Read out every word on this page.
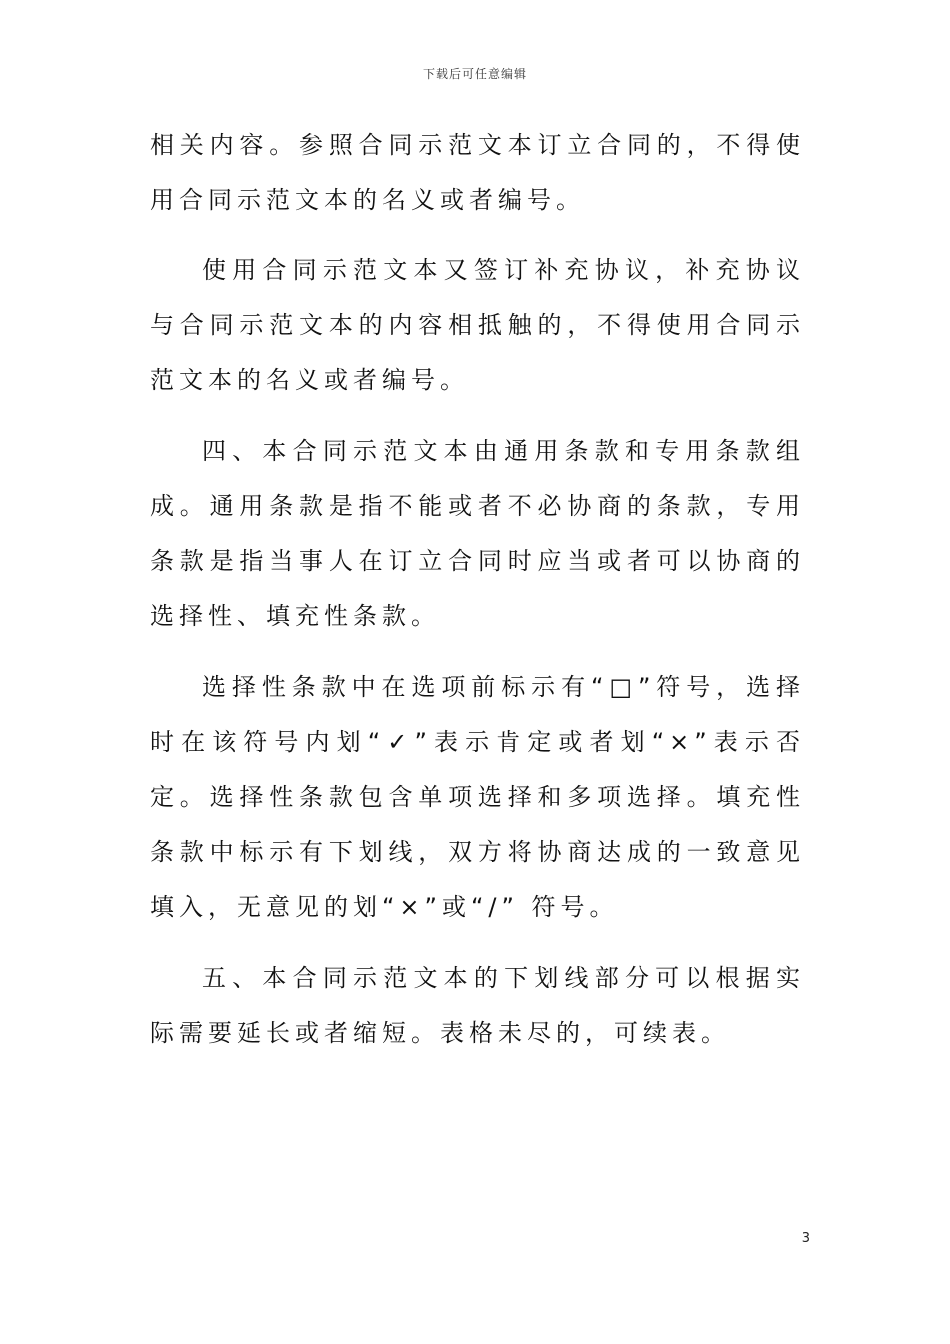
下载后可任意编辑

相关内容。参照合同示范文本订立合同的，不得使用合同示范文本的名义或者编号。

使用合同示范文本又签订补充协议，补充协议与合同示范文本的内容相抵触的，不得使用合同示范文本的名义或者编号。

四、本合同示范文本由通用条款和专用条款组成。通用条款是指不能或者不必协商的条款，专用条款是指当事人在订立合同时应当或者可以协商的选择性、填充性条款。

选择性条款中在选项前标示有“□”符号，选择时在该符号内划“✓”表示肯定或者划“×”表示否定。选择性条款包含单项选择和多项选择。填充性条款中标示有下划线，双方将协商达成的一致意见填入，无意见的划“×”或“/” 符号。

五、本合同示范文本的下划线部分可以根据实际需要延长或者缩短。表格未尽的，可续表。

3
